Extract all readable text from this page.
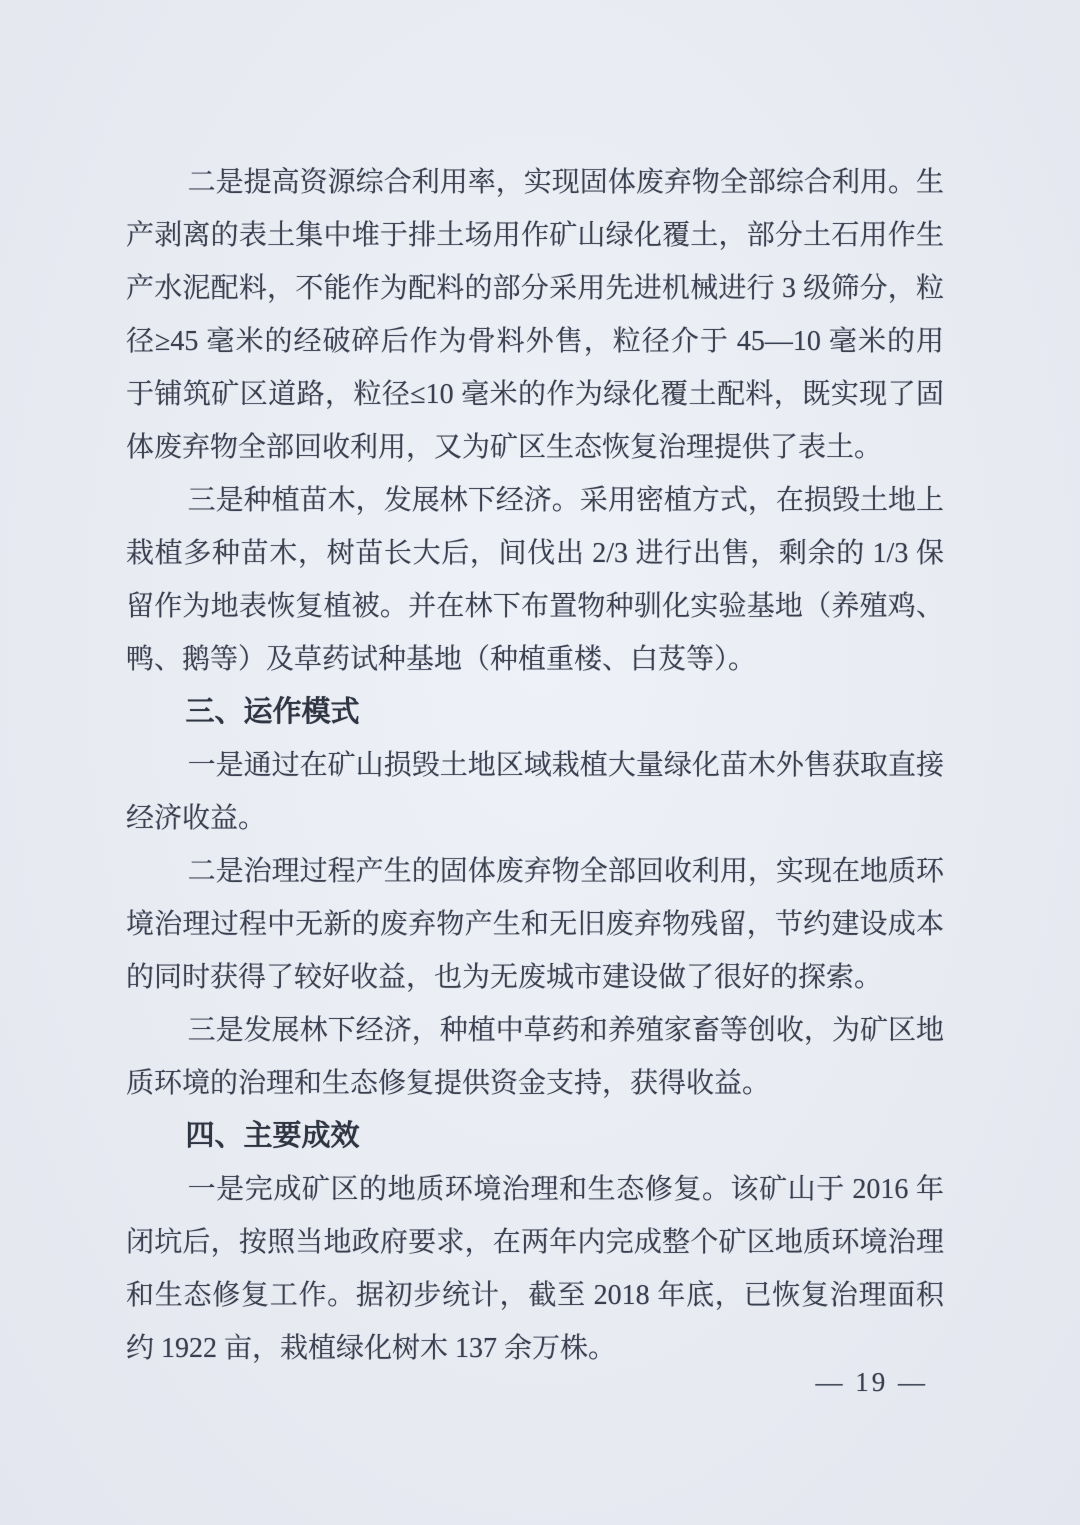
二是提高资源综合利用率，实现固体废弃物全部综合利用。生产剥离的表土集中堆于排土场用作矿山绿化覆土，部分土石用作生产水泥配料，不能作为配料的部分采用先进机械进行 3 级筛分，粒径≥45 毫米的经破碎后作为骨料外售，粒径介于 45—10 毫米的用于铺筑矿区道路，粒径≤10 毫米的作为绿化覆土配料，既实现了固体废弃物全部回收利用，又为矿区生态恢复治理提供了表土。

三是种植苗木，发展林下经济。采用密植方式，在损毁土地上栽植多种苗木，树苗长大后，间伐出 2/3 进行出售，剩余的 1/3 保留作为地表恢复植被。并在林下布置物种驯化实验基地（养殖鸡、鸭、鹅等）及草药试种基地（种植重楼、白芨等）。

三、运作模式

一是通过在矿山损毁土地区域栽植大量绿化苗木外售获取直接经济收益。

二是治理过程产生的固体废弃物全部回收利用，实现在地质环境治理过程中无新的废弃物产生和无旧废弃物残留，节约建设成本的同时获得了较好收益，也为无废城市建设做了很好的探索。

三是发展林下经济，种植中草药和养殖家畜等创收，为矿区地质环境的治理和生态修复提供资金支持，获得收益。

四、主要成效

一是完成矿区的地质环境治理和生态修复。该矿山于 2016 年闭坑后，按照当地政府要求，在两年内完成整个矿区地质环境治理和生态修复工作。据初步统计，截至 2018 年底，已恢复治理面积约 1922 亩，栽植绿化树木 137 余万株。

— 19 —
